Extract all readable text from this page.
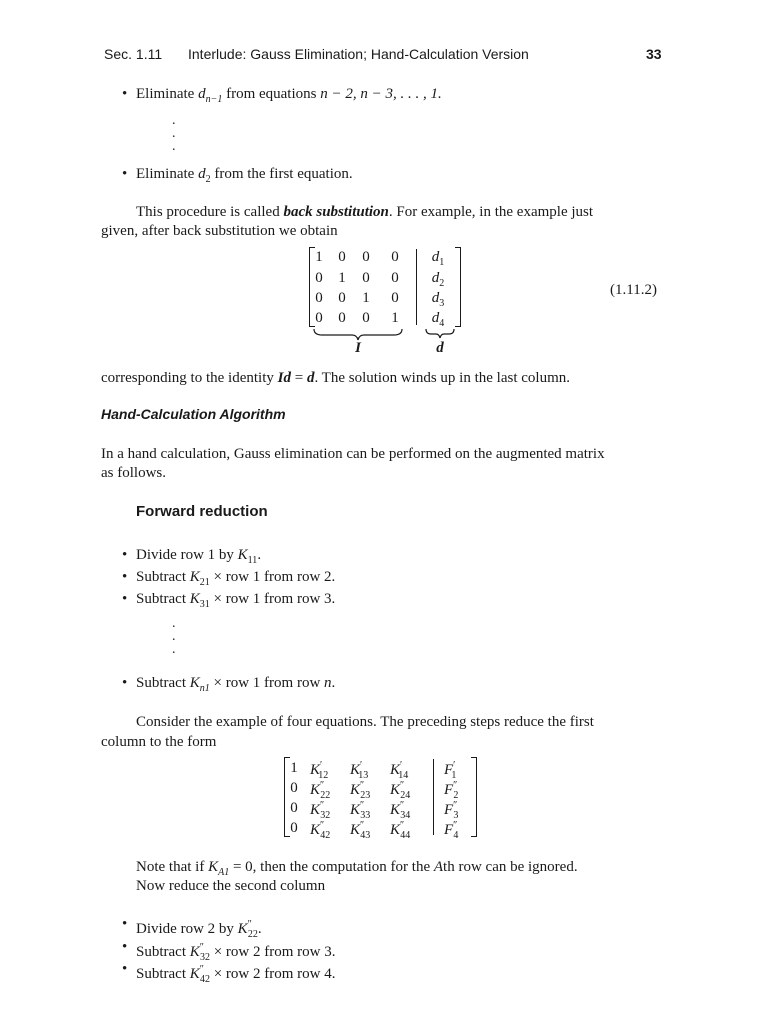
Sec. 1.11 Interlude: Gauss Elimination; Hand-Calculation Version	33
• Eliminate $d_{n-1}$ from equations n − 2, n − 3, . . . , 1.
.
.
.
• Eliminate $d_2$ from the first equation.
This procedure is called back substitution. For example, in the example just
given, after back substitution we obtain
1 0 0 0
0 1 0 0
0 0 1 0
0 0 0 1
$d_1$
$d_2$
$d_3$
$d_4$
I	d
(1.11.2)
corresponding to the identity Id = d. The solution winds up in the last column.
Hand-Calculation Algorithm
In a hand calculation, Gauss elimination can be performed on the augmented matrix
as follows.
Forward reduction
• Divide row 1 by $K_{11}$.
• Subtract $K_{21}$ × row 1 from row 2.
• Subtract $K_{31}$ × row 1 from row 3.
.
.
.
• Subtract $K_{n1}$ × row 1 from row n.
Consider the example of four equations. The preceding steps reduce the first
column to the form
1
0
0
0
$K'_{12}$ $K'_{13}$ $K'_{14}$
$K''_{22}$ $K''_{23}$ $K''_{24}$
$K''_{32}$ $K''_{33}$ $K''_{34}$
$K''_{42}$ $K''_{43}$ $K''_{44}$
$F'_1$
$F''_2$
$F''_3$
$F''_4$
Note that if $K_{A1} = 0$, then the computation for the Ath row can be ignored.
Now reduce the second column
• Divide row 2 by $K''_{22}$.
• Subtract $K''_{32}$ × row 2 from row 3.
• Subtract $K''_{42}$ × row 2 from row 4.
